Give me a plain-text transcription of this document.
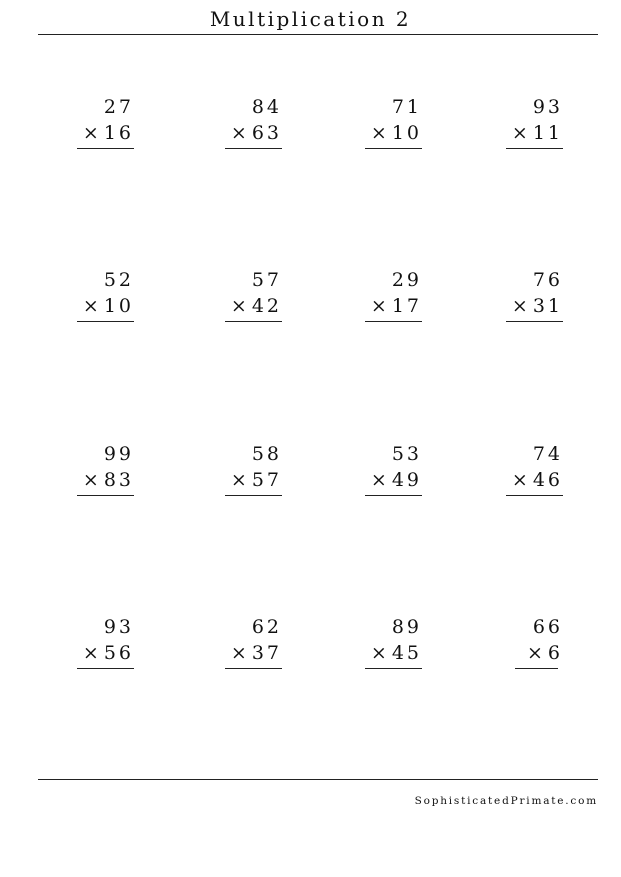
Multiplication 2
27
× 16
84
× 63
71
× 10
93
× 11
52
× 10
57
× 42
29
× 17
76
× 31
99
× 83
58
× 57
53
× 49
74
× 46
93
× 56
62
× 37
89
× 45
66
× 6
SophisticatedPrimate.com
